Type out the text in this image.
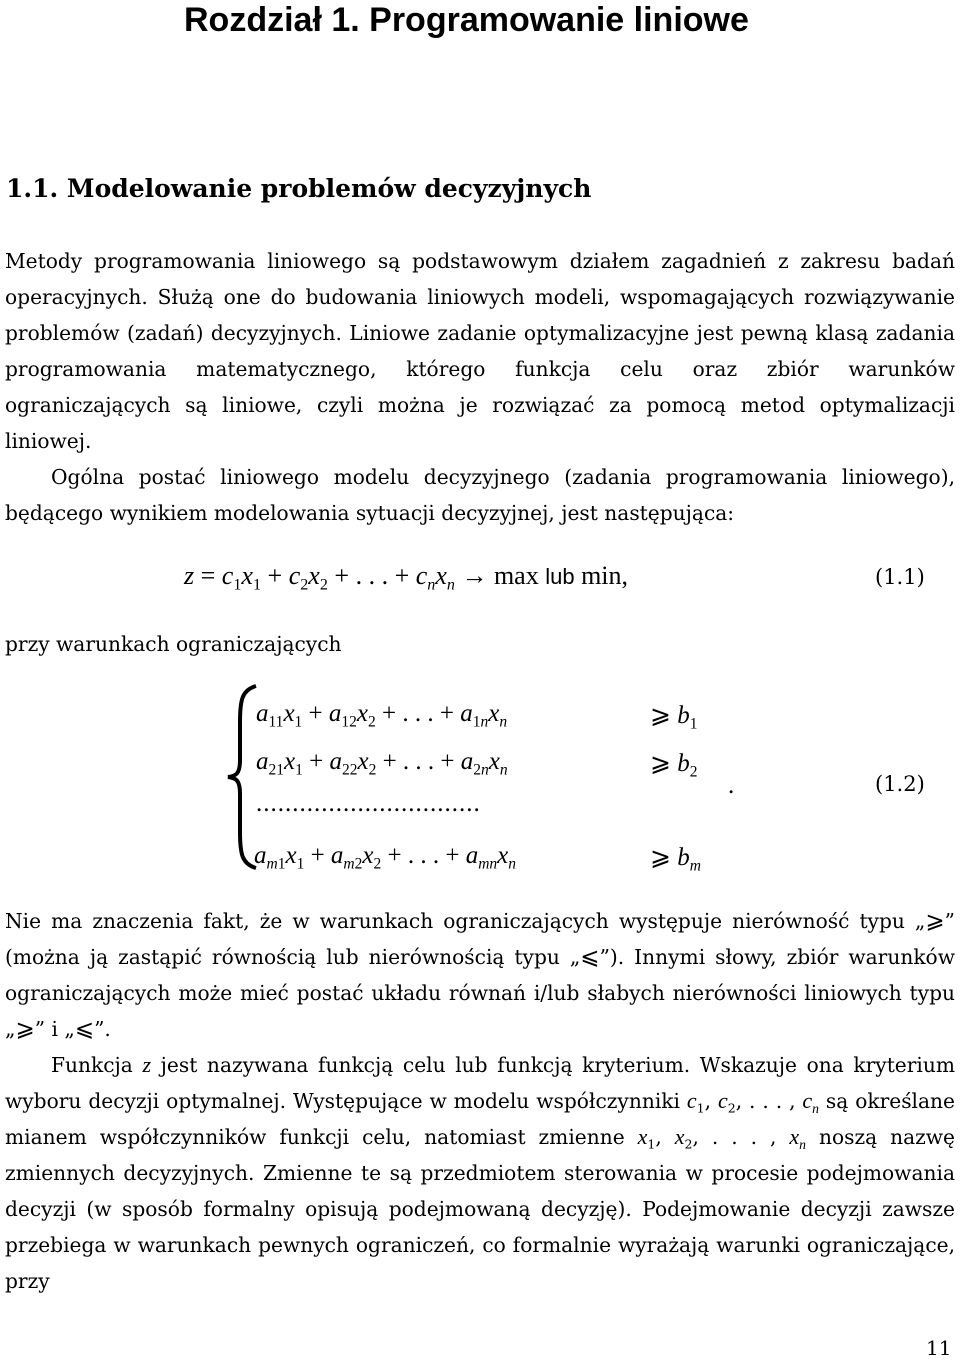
Rozdział 1. Programowanie liniowe
1.1. Modelowanie problemów decyzyjnych

Metody programowania liniowego są podstawowym działem zagadnień z zakresu badań operacyjnych. Służą one do budowania liniowych modeli, wspomagających rozwiązywanie problemów (zadań) decyzyjnych. Liniowe zadanie optymalizacyjne jest pewną klasą zadania programowania matematycznego, którego funkcja celu oraz zbiór warunków ograniczających są liniowe, czyli można je rozwiązać za pomocą metod optymalizacji liniowej.

Ogólna postać liniowego modelu decyzyjnego (zadania programowania liniowego), będącego wynikiem modelowania sytuacji decyzyjnej, jest następująca:

$z = c_1x_1 + c_2x_2$ + . . . + $c_nx_n \to \max$ lub min,	(1.1)

przy warunkach ograniczających

$a_{11}x_1 + a_{12}x_2$ + . . . + $a_{1n}x_n$	⩾ $b_1$
$a_{21}x_1 + a_{22}x_2$ + . . . + $a_{2n}x_n$	⩾ $b_2$
...............................
$a_{m1}x_1 + a_{m2}x_2$ + . . . + $a_{mn}x_n$	⩾ $b_m$
.	(1.2)

Nie ma znaczenia fakt, że w warunkach ograniczających występuje nierówność typu „⩾” (można ją zastąpić równością lub nierównością typu „⩽”). Innymi słowy, zbiór warunków ograniczających może mieć postać układu równań i/lub słabych nierówności liniowych typu „⩾” i „⩽”.

Funkcja z jest nazywana funkcją celu lub funkcją kryterium. Wskazuje ona kryterium wyboru decyzji optymalnej. Występujące w modelu współczynniki $c_1$, $c_2$, . . . , $c_n$ są określane mianem współczynników funkcji celu, natomiast zmienne $x_1$, $x_2$, . . . , $x_n$ noszą nazwę zmiennych decyzyjnych. Zmienne te są przedmiotem sterowania w procesie podejmowania decyzji (w sposób formalny opisują podejmowaną decyzję). Podejmowanie decyzji zawsze przebiega w warunkach pewnych ograniczeń, co formalnie wyrażają warunki ograniczające, przy

11
